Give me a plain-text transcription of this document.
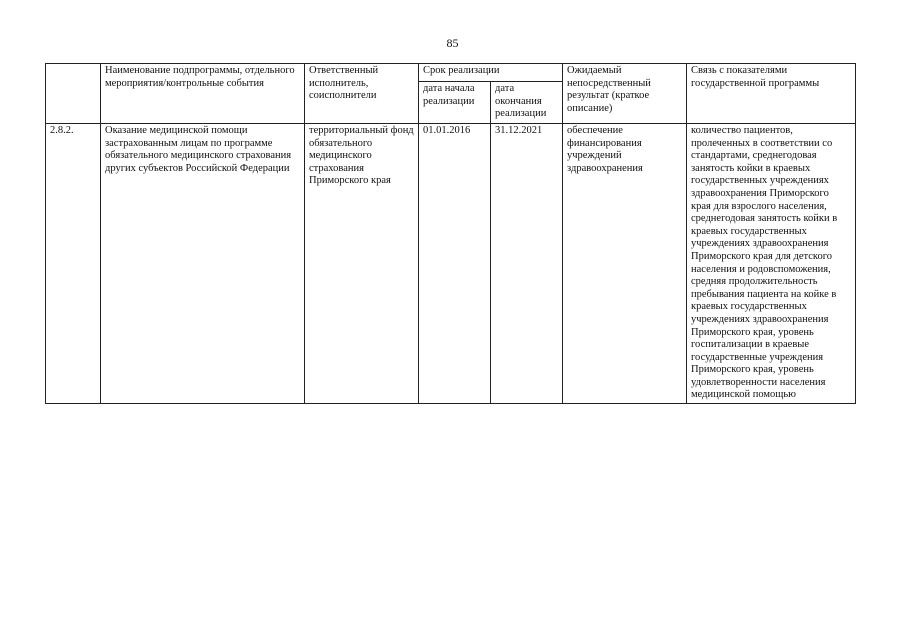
85
	Наименование подпрограммы, отдельного мероприятия/контрольные события	Ответственный исполнитель, соисполнители	Срок реализации		Ожидаемый непосредственный результат (краткое описание)	Связь с показателями государственной программы
			дата начала реализации	дата окончания реализации		
2.8.2.	Оказание медицинской помощи застрахованным лицам по программе обязательного медицинского страхования других субъектов Российской Федерации	территориальный фонд обязательного медицинского страхования Приморского края	01.01.2016	31.12.2021	обеспечение финансирования учреждений здравоохранения	количество пациентов, пролеченных в соответствии со стандартами, среднегодовая занятость койки в краевых государственных учреждениях здравоохранения Приморского края для взрослого населения, среднегодовая занятость койки в краевых государственных учреждениях здравоохранения Приморского края для детского населения и родовспоможения, средняя продолжительность пребывания пациента на койке в краевых государственных учреждениях здравоохранения Приморского края, уровень госпитализации в краевые государственные учреждения Приморского края, уровень удовлетворенности населения медицинской помощью
